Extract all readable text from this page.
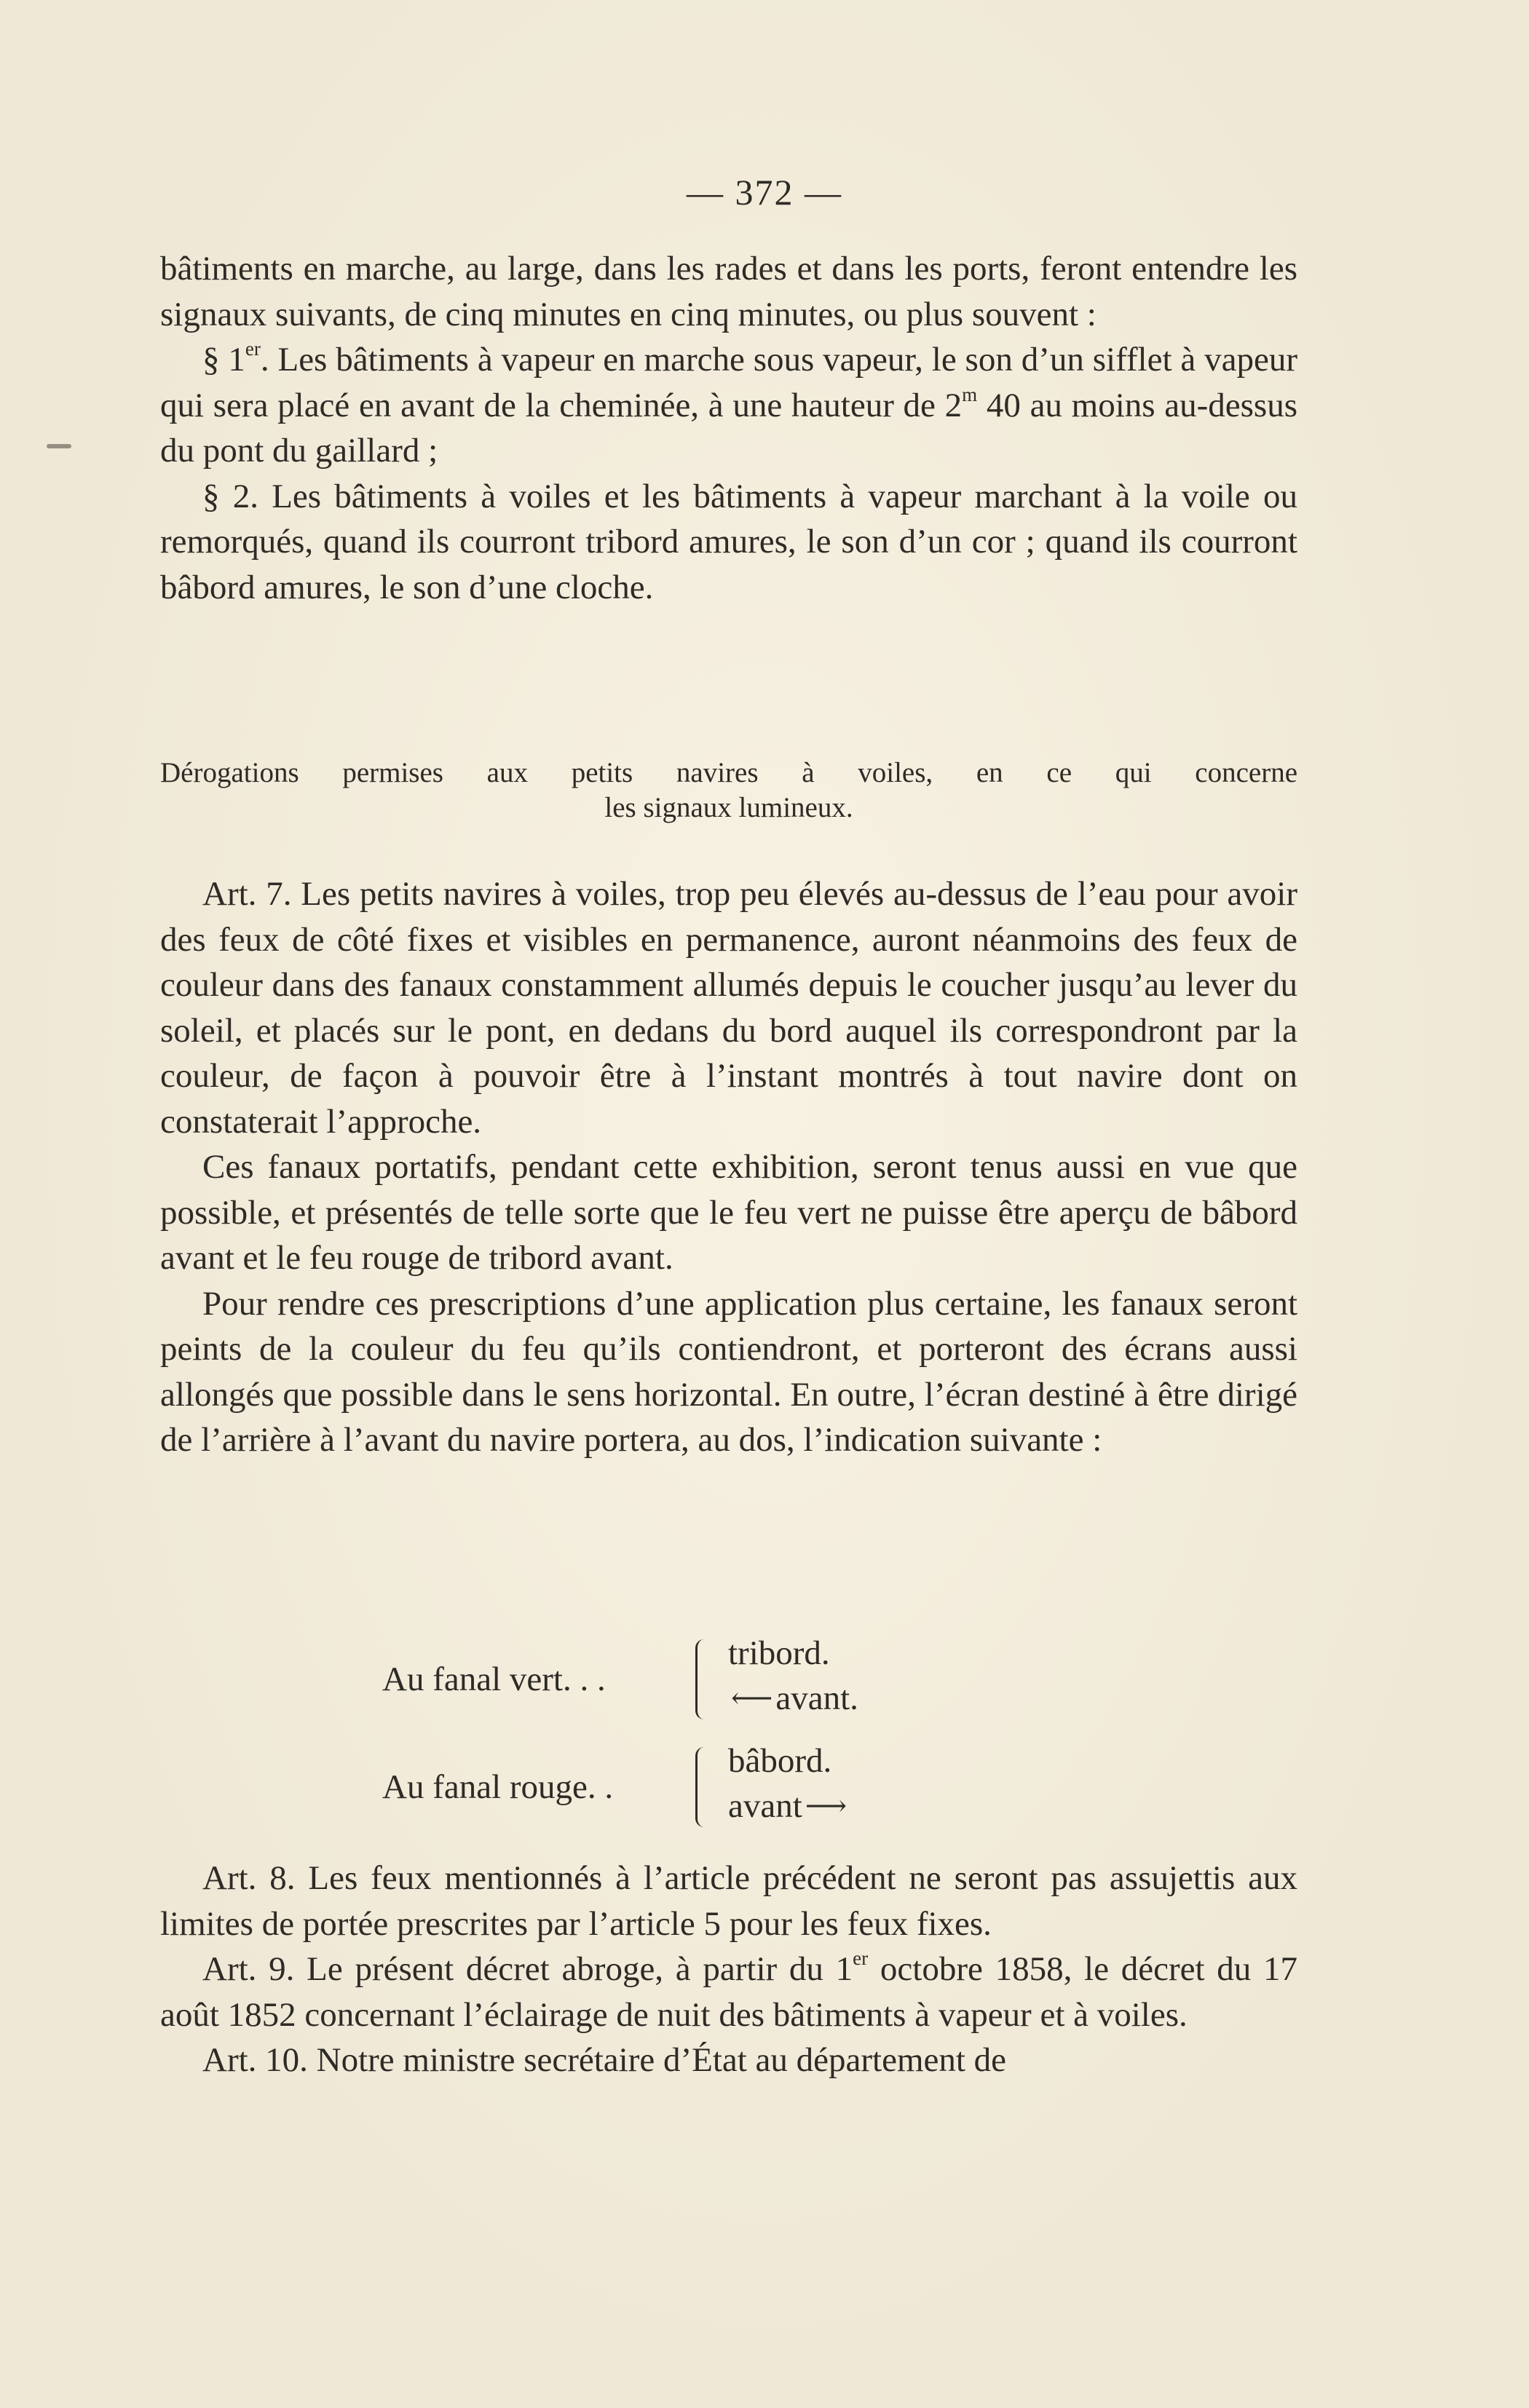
— 372 —

bâtiments en marche, au large, dans les rades et dans les ports, feront entendre les signaux suivants, de cinq minutes en cinq minutes, ou plus souvent :

§ 1er. Les bâtiments à vapeur en marche sous vapeur, le son d’un sifflet à vapeur qui sera placé en avant de la cheminée, à une hauteur de 2$^m$ 40 au moins au-dessus du pont du gaillard ;

§ 2. Les bâtiments à voiles et les bâtiments à vapeur marchant à la voile ou remorqués, quand ils courront tribord amures, le son d’un cor ; quand ils courront bâbord amures, le son d’une cloche.

Dérogations permises aux petits navires à voiles, en ce qui concerne
les signaux lumineux.

Art. 7. Les petits navires à voiles, trop peu élevés au-dessus de l’eau pour avoir des feux de côté fixes et visibles en permanence, auront néanmoins des feux de couleur dans des fanaux constamment allumés depuis le coucher jusqu’au lever du soleil, et placés sur le pont, en dedans du bord auquel ils correspondront par la couleur, de façon à pouvoir être à l’instant montrés à tout navire dont on constaterait l’approche.

Ces fanaux portatifs, pendant cette exhibition, seront tenus aussi en vue que possible, et présentés de telle sorte que le feu vert ne puisse être aperçu de bâbord avant et le feu rouge de tribord avant.

Pour rendre ces prescriptions d’une application plus certaine, les fanaux seront peints de la couleur du feu qu’ils contiendront, et porteront des écrans aussi allongés que possible dans le sens horizontal. En outre, l’écran destiné à être dirigé de l’arrière à l’avant du navire portera, au dos, l’indication suivante :

Au fanal vert. . .
tribord.
⟵avant.
Au fanal rouge. .
bâbord.
avant ⟶

Art. 8. Les feux mentionnés à l’article précédent ne seront pas assujettis aux limites de portée prescrites par l’article 5 pour les feux fixes.

Art. 9. Le présent décret abroge, à partir du 1er octobre 1858, le décret du 17 août 1852 concernant l’éclairage de nuit des bâtiments à vapeur et à voiles.

Art. 10. Notre ministre secrétaire d’État au département de
